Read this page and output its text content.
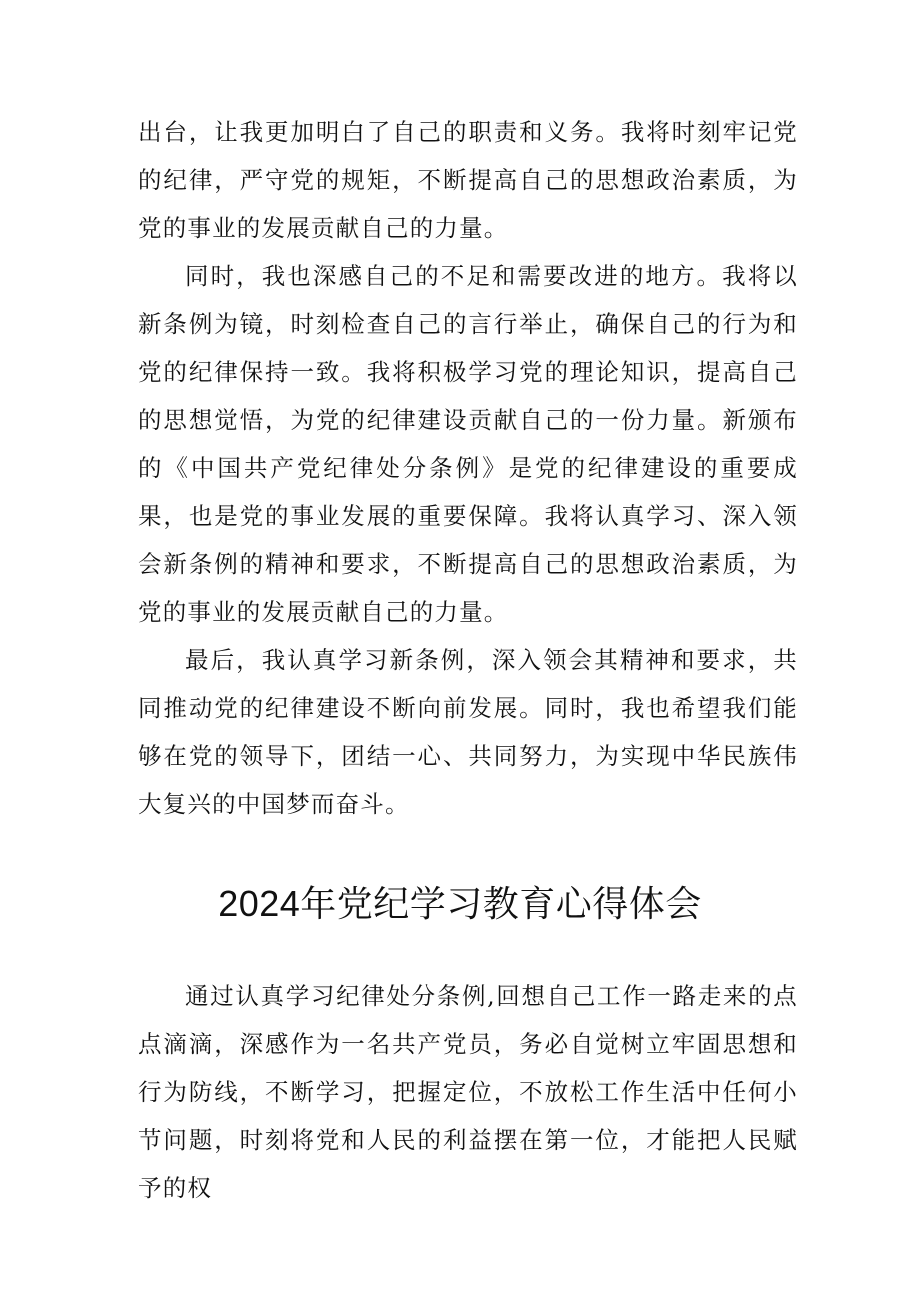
出台，让我更加明白了自己的职责和义务。我将时刻牢记党的纪律，严守党的规矩，不断提高自己的思想政治素质，为党的事业的发展贡献自己的力量。

同时，我也深感自己的不足和需要改进的地方。我将以新条例为镜，时刻检查自己的言行举止，确保自己的行为和党的纪律保持一致。我将积极学习党的理论知识，提高自己的思想觉悟，为党的纪律建设贡献自己的一份力量。新颁布的《中国共产党纪律处分条例》是党的纪律建设的重要成果，也是党的事业发展的重要保障。我将认真学习、深入领会新条例的精神和要求，不断提高自己的思想政治素质，为党的事业的发展贡献自己的力量。

最后，我认真学习新条例，深入领会其精神和要求，共同推动党的纪律建设不断向前发展。同时，我也希望我们能够在党的领导下，团结一心、共同努力，为实现中华民族伟大复兴的中国梦而奋斗。

2024年党纪学习教育心得体会

通过认真学习纪律处分条例,回想自己工作一路走来的点点滴滴，深感作为一名共产党员，务必自觉树立牢固思想和行为防线，不断学习，把握定位，不放松工作生活中任何小节问题，时刻将党和人民的利益摆在第一位，才能把人民赋予的权
